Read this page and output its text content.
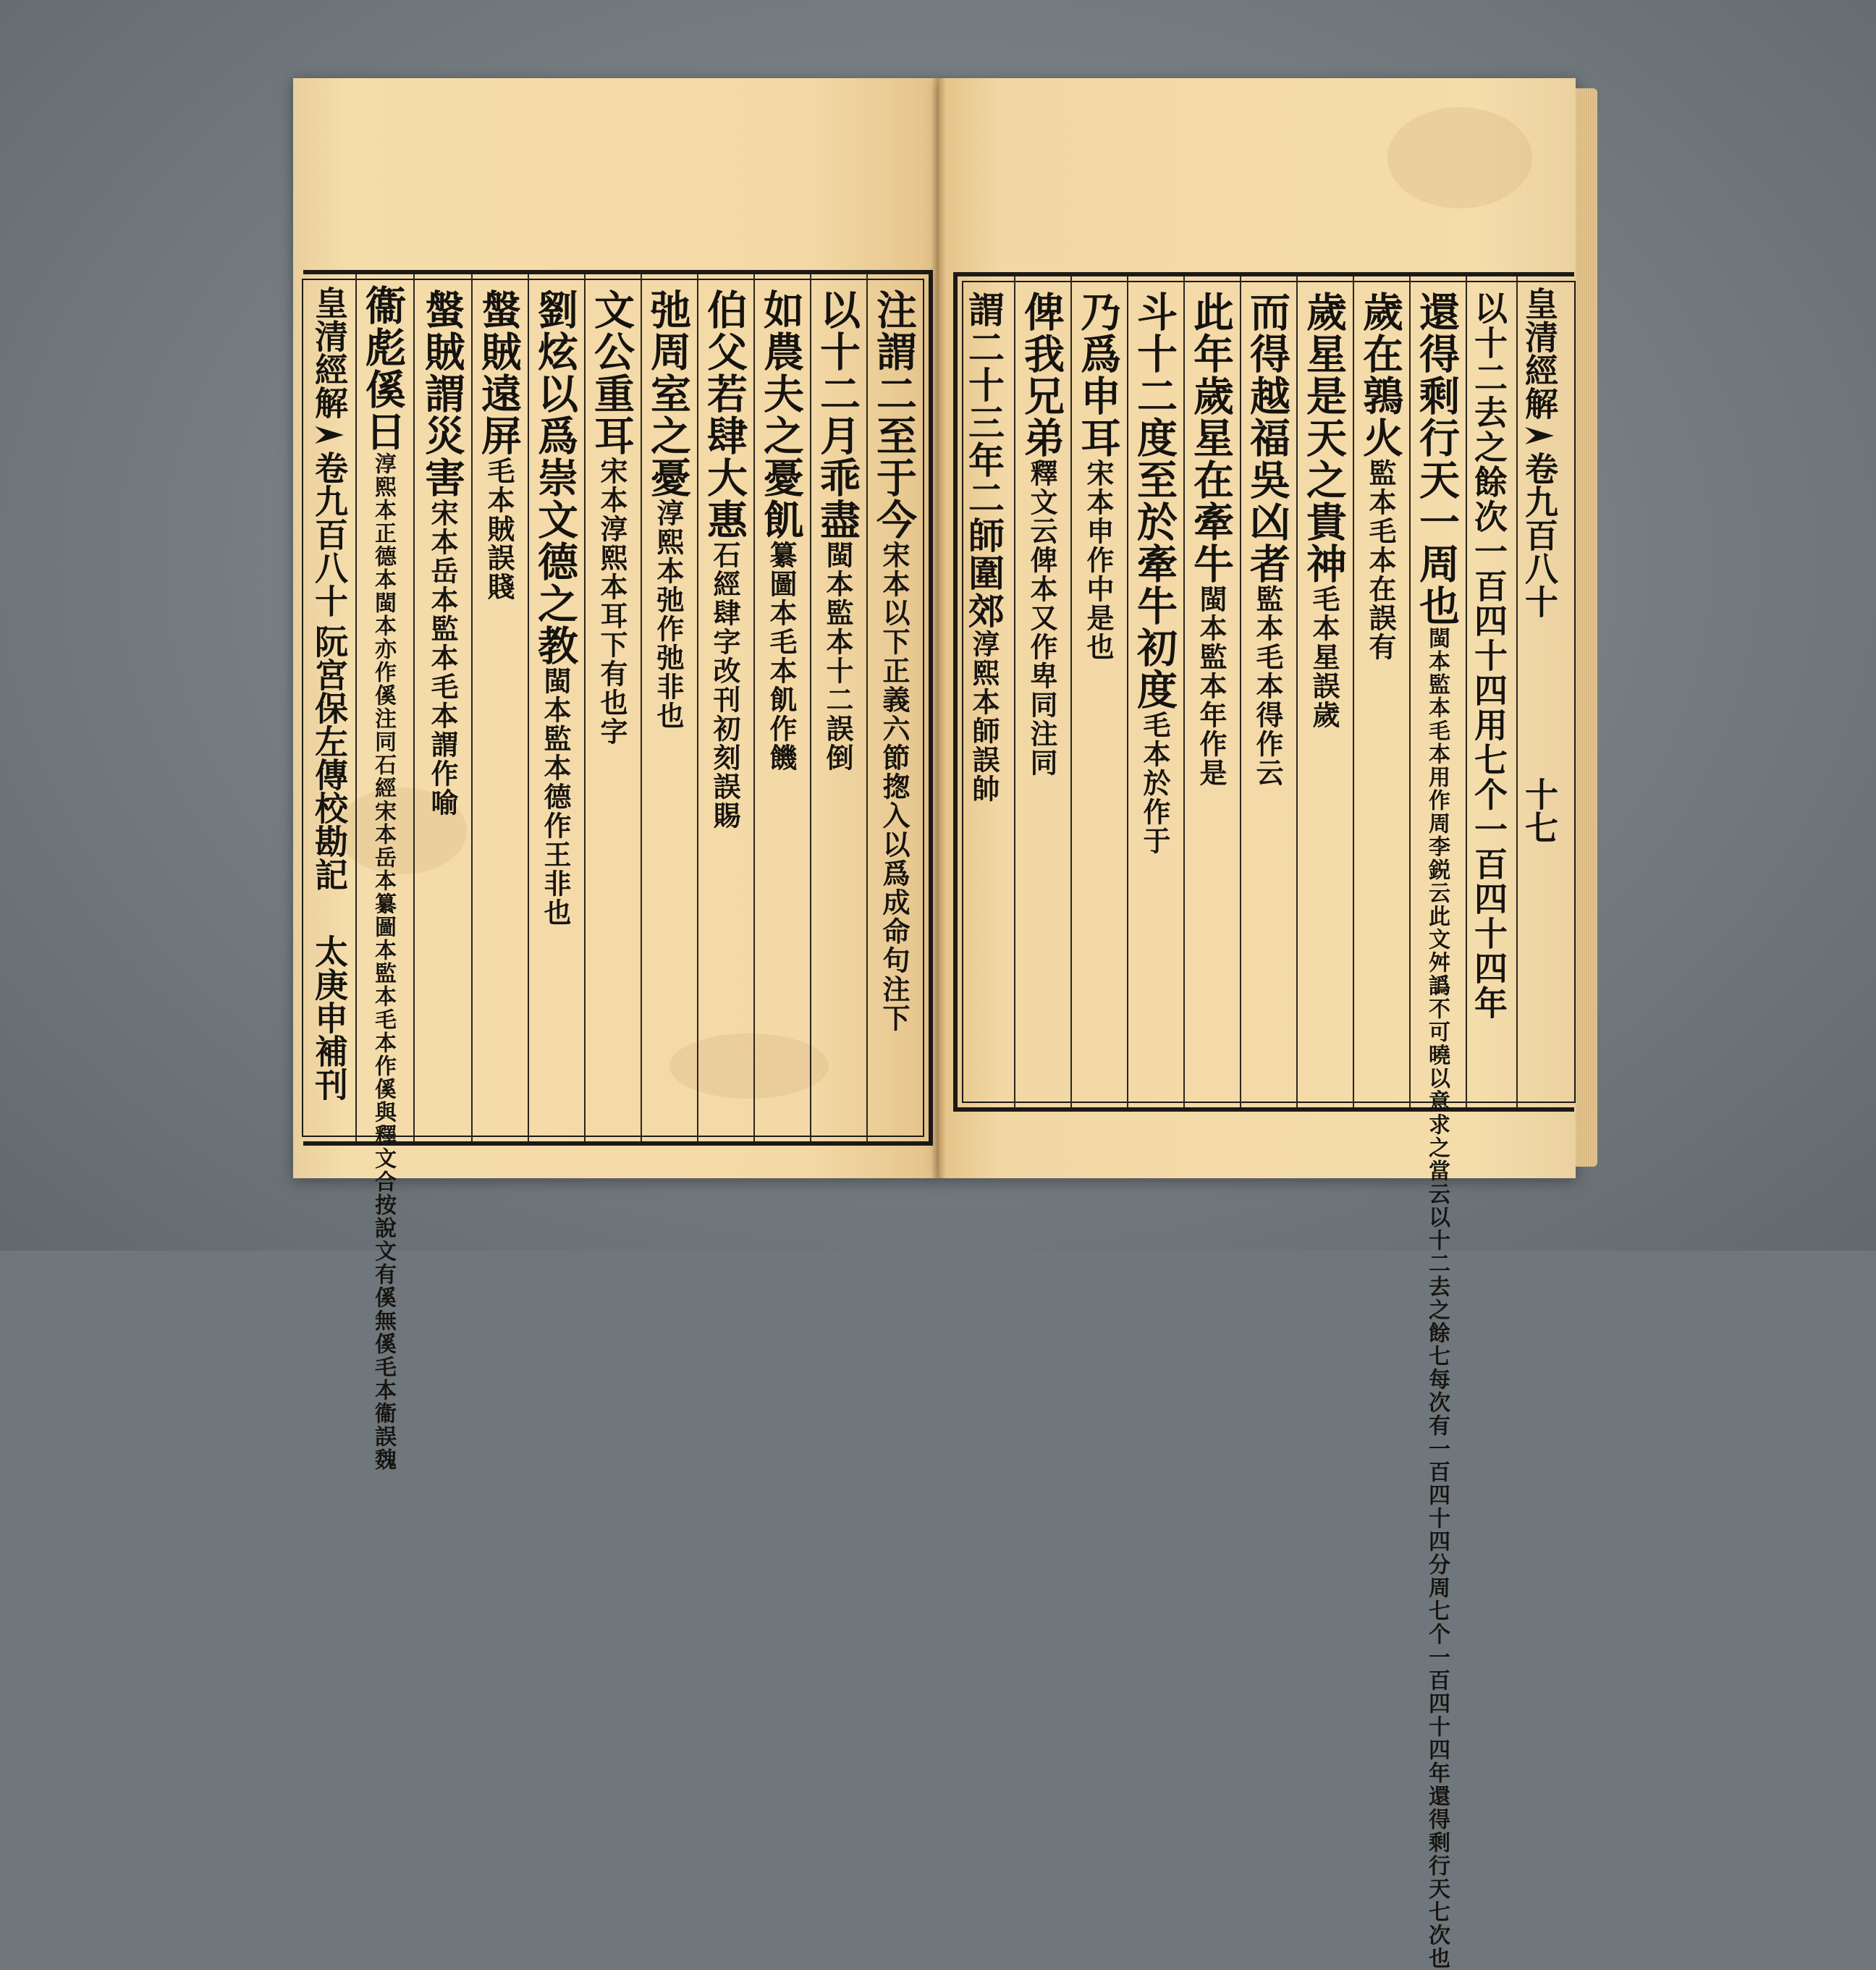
皇清經解卷九百八十阮宮保左傳校勘記太庚申補刊
注謂二至于今宋本以下正義六節揔入以爲成命句注下
以十二月乖盡閩本監本十二誤倒
如農夫之憂飢纂圖本毛本飢作饑
伯父若肆大惠石經肆字改刊初刻誤賜
弛周室之憂淳熙本弛作弛非也
文公重耳宋本淳熙本耳下有也字
劉炫以爲崇文德之教閩本監本德作王非也
螌賊遠屏毛本賊誤賤
螌賊謂災害宋本岳本監本毛本謂作喻
衞彪傒日淳熙本正德本閩本亦作傒注同石經宋本岳本纂圖本監本毛本作傒與釋文合按說文有傒無傒毛本衞誤魏
皇清經解卷九百八十十七
以十二去之餘次一百四十四用七个一百四十四年
還得剩行天一周也閩本監本毛本用作周李鋭云此文舛譌不可曉以意求之當云以十二去之餘七每次有一百四十四分周七个一百四十四年還得剩行天七次也
歲在鶉火監本毛本在誤有
歲星是天之貴神毛本星誤歲
而得越福吳凶者監本毛本得作云
此年歲星在牽牛閩本監本年作是
斗十二度至於牽牛初度毛本於作于
乃爲申耳宋本申作中是也
俾我兄弟釋文云俾本又作卑同注同
謂二十三年二師圍郊淳熙本師誤帥
